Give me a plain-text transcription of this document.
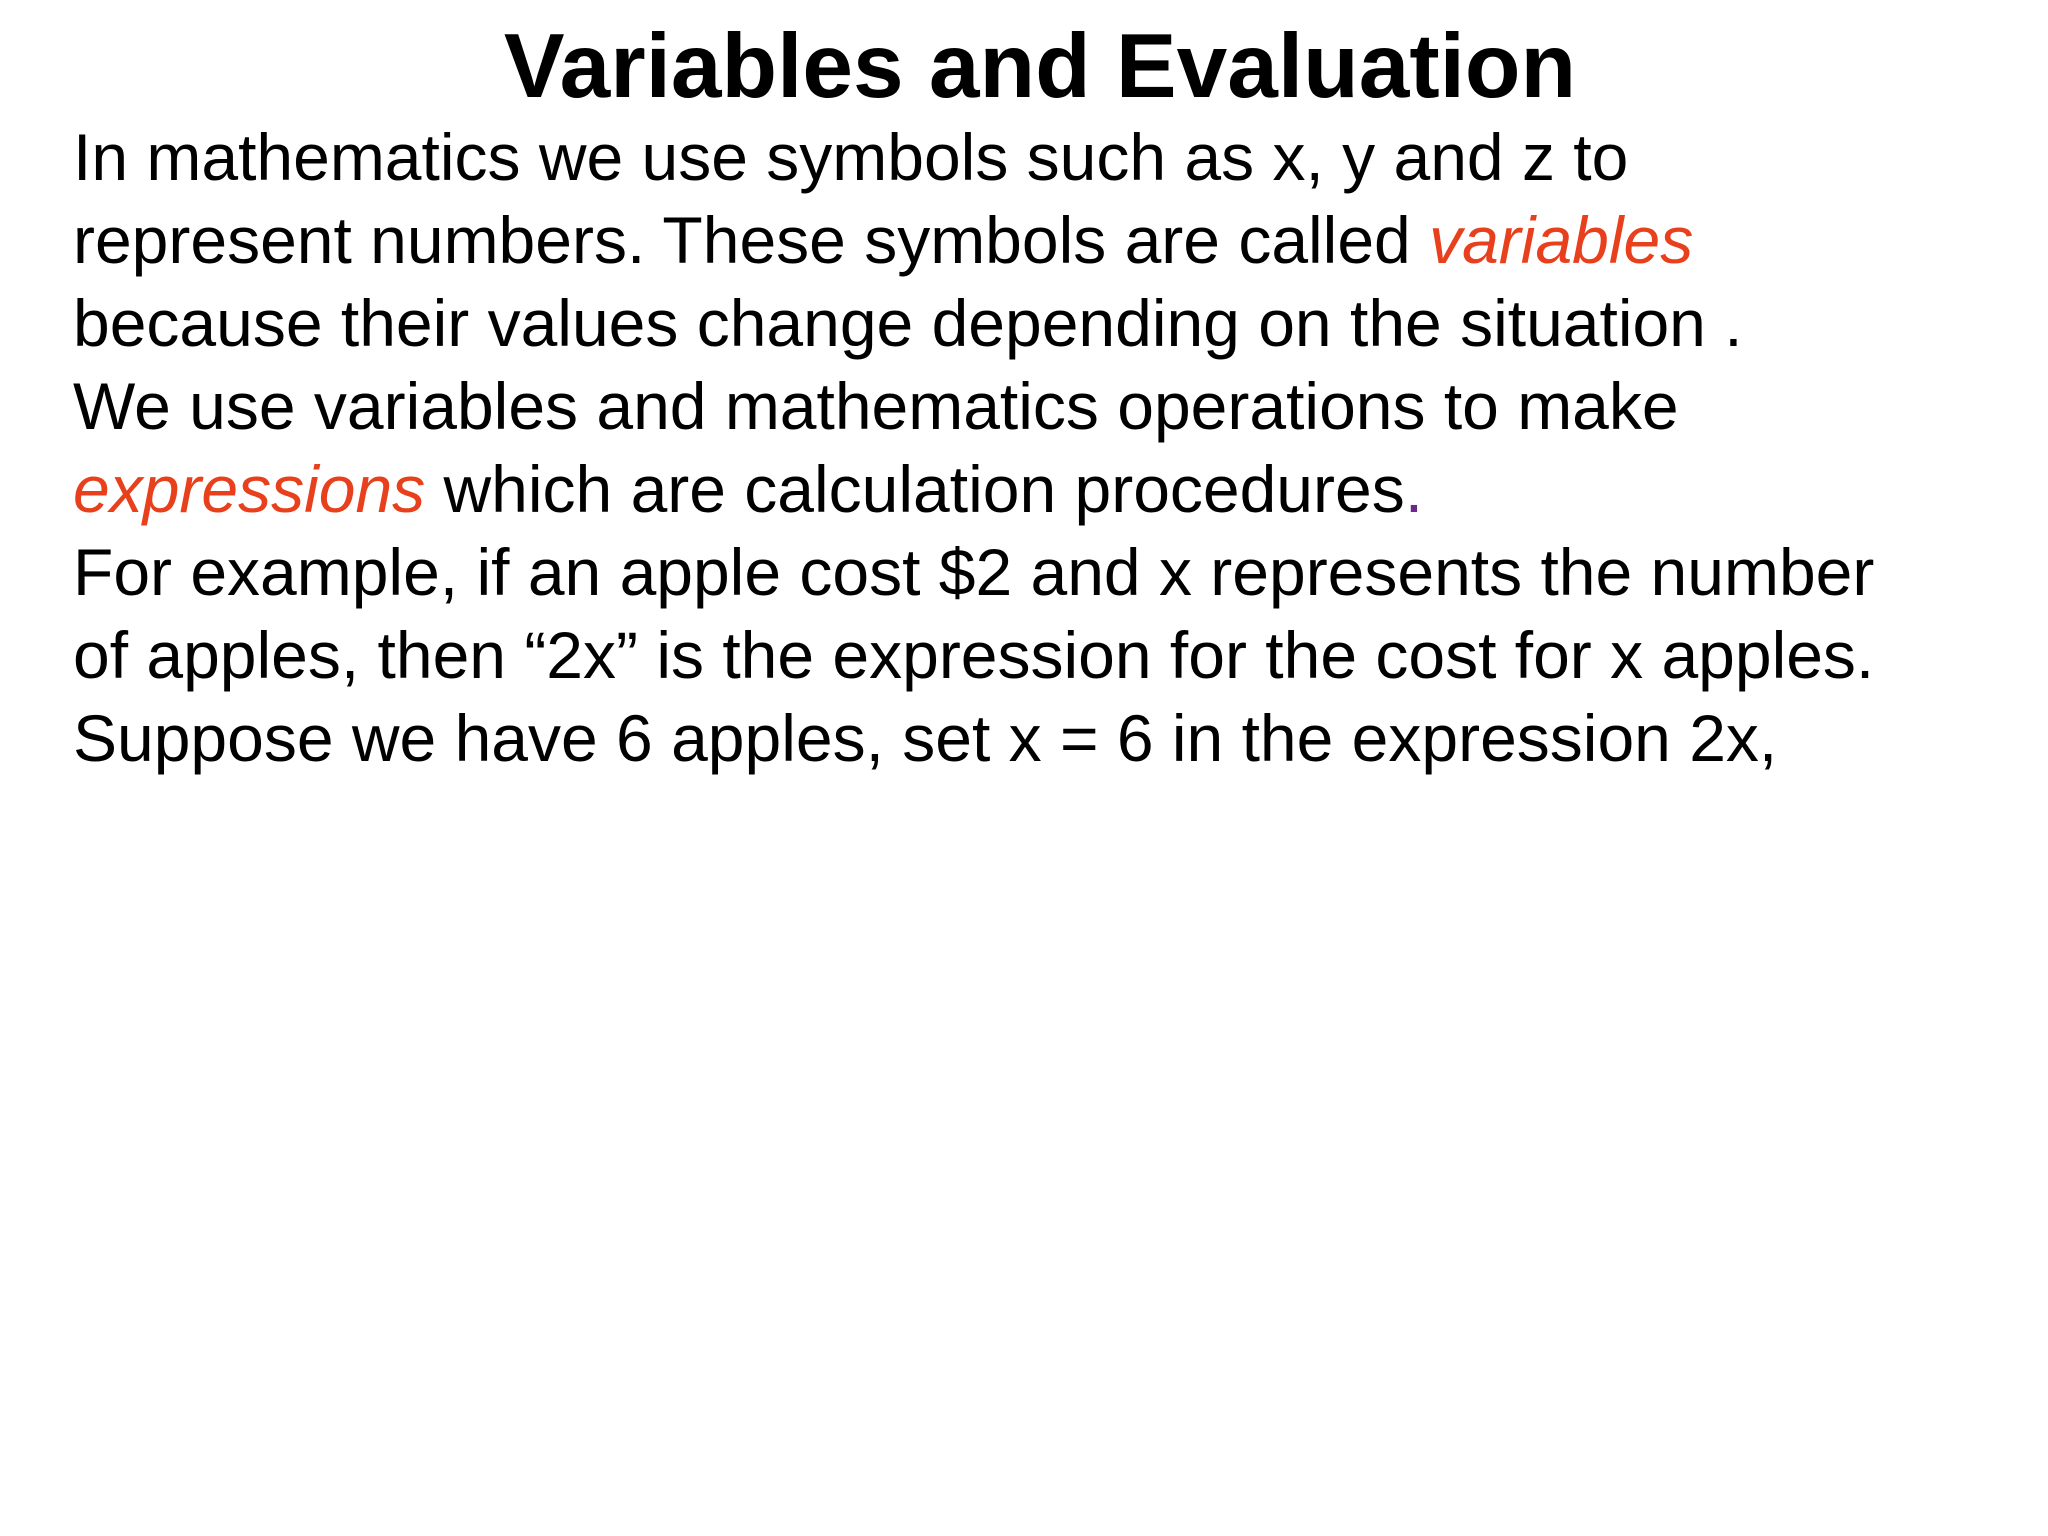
Variables and Evaluation
In mathematics we use symbols such as x, y and z to
represent numbers. These symbols are called variables
because their values change depending on the situation .
We use variables and mathematics operations to make
expressions which are calculation procedures.
For example, if an apple cost $2 and x represents the number
of apples, then “2x” is the expression for the cost for x apples.
Suppose we have 6 apples, set x = 6 in the expression 2x,
